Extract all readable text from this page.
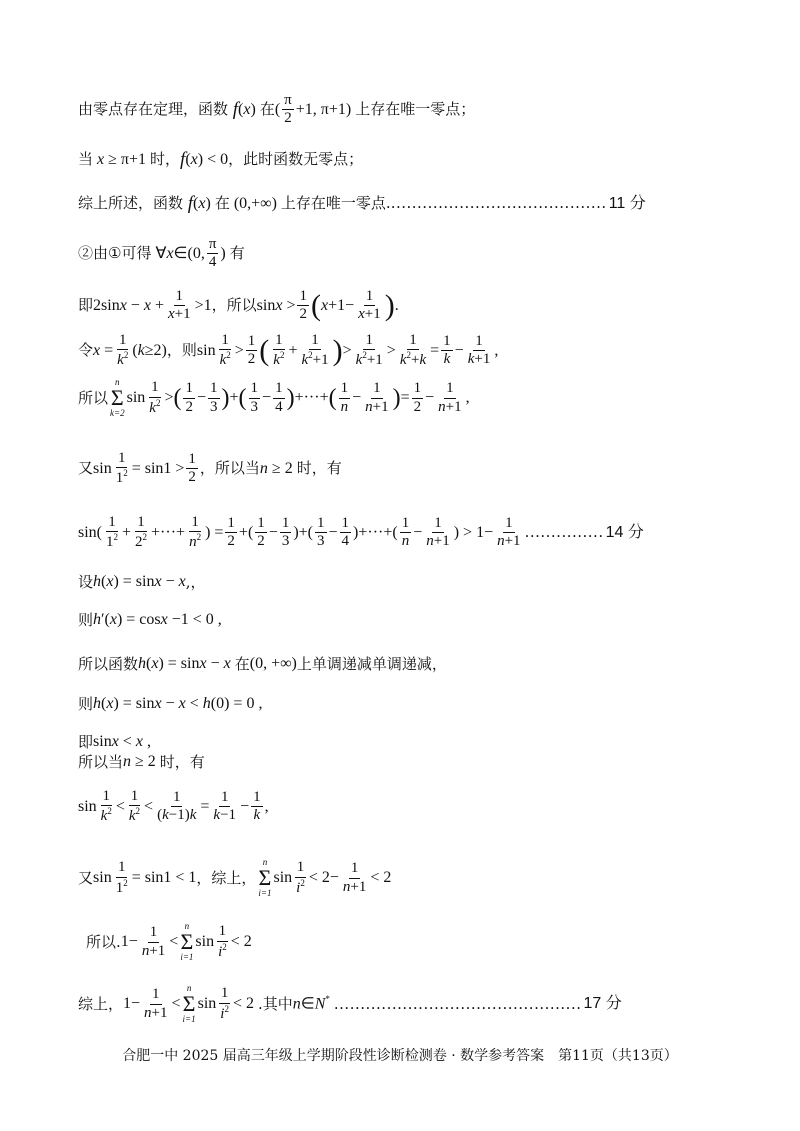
由零点存在定理，函数 f ( x ) 在 ( $\frac{\pi}{2} +1$, π+1) 上存在唯一零点；
当 x ≥ π+1 时， f (x) < 0 ，此时函数无零点；
综上所述，函数 f (x) 在 (0,+∞) 上存在唯一零点. ......................................... 11 分
②由 ① 可得 ∀x∈(0, $\frac{\pi}{4}$ ) 有
即 $2\sin x - x + \frac{1}{x+1} >1$ ，所以 $\sin x > \frac{1}{2}$ ( $x+1- \frac{1}{x+1}$ ) .
令 $x = \frac{1}{k^2} (k\ge 2)$ ，则 $\sin \frac{1}{k^2} > \frac{1}{2}$ ( $\frac{1}{k^2} + \frac{1}{k^2+1}$ ) > $\frac{1}{k^2+1} > \frac{1}{k^2+k} = \frac{1}{k} - \frac{1}{k+1}$ ,
所以
n
Σ
k=2
$\sin \frac{1}{k^2}$ > ( $\frac{1}{2} - \frac{1}{3}$ ) + ( $\frac{1}{3} - \frac{1}{4}$ ) +···+ ( $\frac{1}{n} - \frac{1}{n+1}$ ) = $\frac{1}{2} - \frac{1}{n+1}$ ,
又 $\sin \frac{1}{1^2} = \sin 1 > \frac{1}{2}$ ，所以当 n ≥ 2 时，有
$\sin( \frac{1}{1^2} + \frac{1}{2^2}$ +···+ $\frac{1}{n^2}$ ) = $\frac{1}{2}$ +( $\frac{1}{2} - \frac{1}{3}$ )+( $\frac{1}{3} - \frac{1}{4}$ )+···+( $\frac{1}{n} - \frac{1}{n+1}$ ) > $1- \frac{1}{n+1}$ ............... 14 分
设 h(x) = sinx − x ,，
则 h′(x) = cosx −1 < 0 ,
所以函数 h(x) = sinx − x 在 (0, +∞) 上单调递减单调递减，
则 h(x) = sinx − x < h(0) = 0 ,
即 sinx < x ,
所以当 n ≥ 2 时，有
$\sin \frac{1}{k^2} < \frac{1}{k^2} < \frac{1}{(k-1)k} = \frac{1}{k-1} - \frac{1}{k}$ ,
又 $\sin \frac{1}{1^2} = \sin 1 < 1$ ，综上，
n
Σ
i=1
$\sin \frac{1}{i^2} < 2- \frac{1}{n+1} < 2$
所以. $1- \frac{1}{n+1}$ <
n
Σ
i=1
$\sin \frac{1}{i^2} < 2$
综上， $1- \frac{1}{n+1}$ <
n
Σ
i=1
$\sin \frac{1}{i^2} < 2$ .其中 n∈N* ............................................... 17 分
合肥一中 2025 届高三年级上学期阶段性诊断检测卷 · 数学参考答案　第11页（共13页）
